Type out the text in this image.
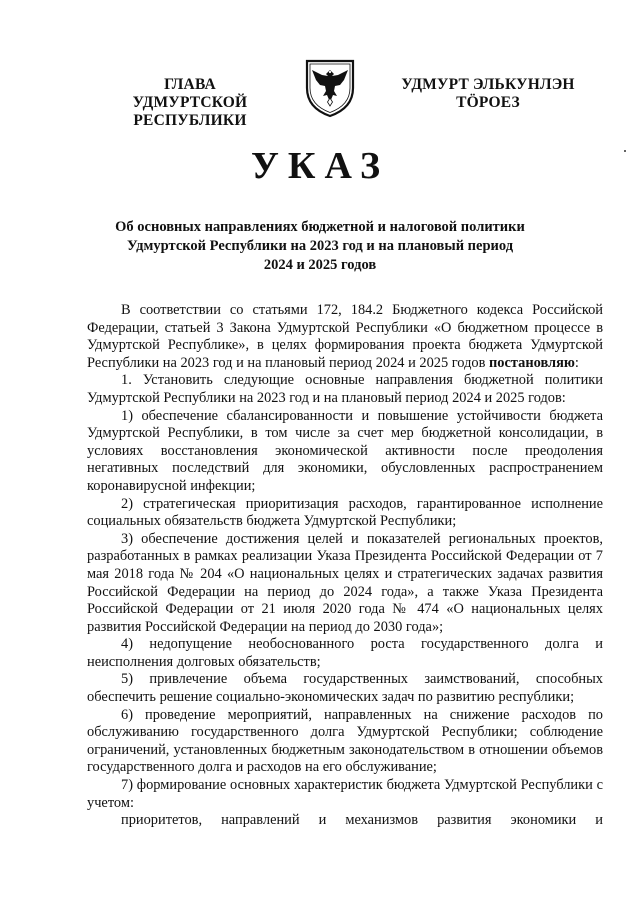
ГЛАВА
УДМУРТСКОЙ РЕСПУБЛИКИ
УДМУРТ ЭЛЬКУНЛЭН
ТӦРОЕЗ
УКАЗ
Об основных направлениях бюджетной и налоговой политики
Удмуртской Республики на 2023 год и на плановый период
2024 и 2025 годов

В соответствии со статьями 172, 184.2 Бюджетного кодекса Российской Федерации, статьей 3 Закона Удмуртской Республики «О бюджетном процессе в Удмуртской Республике», в целях формирования проекта бюджета Удмуртской Республики на 2023 год и на плановый период 2024 и 2025 годов постановляю:

1. Установить следующие основные направления бюджетной политики Удмуртской Республики на 2023 год и на плановый период 2024 и 2025 годов:

1) обеспечение сбалансированности и повышение устойчивости бюджета Удмуртской Республики, в том числе за счет мер бюджетной консолидации, в условиях восстановления экономической активности после преодоления негативных последствий для экономики, обусловленных распространением коронавирусной инфекции;

2) стратегическая приоритизация расходов, гарантированное исполнение социальных обязательств бюджета Удмуртской Республики;

3) обеспечение достижения целей и показателей региональных проектов, разработанных в рамках реализации Указа Президента Российской Федерации от 7 мая 2018 года № 204 «О национальных целях и стратегических задачах развития Российской Федерации на период до 2024 года», а также Указа Президента Российской Федерации от 21 июля 2020 года № 474 «О национальных целях развития Российской Федерации на период до 2030 года»;

4) недопущение необоснованного роста государственного долга и неисполнения долговых обязательств;

5) привлечение объема государственных заимствований, способных обеспечить решение социально-экономических задач по развитию республики;

6) проведение мероприятий, направленных на снижение расходов по обслуживанию государственного долга Удмуртской Республики; соблюдение ограничений, установленных бюджетным законодательством в отношении объемов государственного долга и расходов на его обслуживание;

7) формирование основных характеристик бюджета Удмуртской Республики с учетом:

приоритетов, направлений и механизмов развития экономики и
